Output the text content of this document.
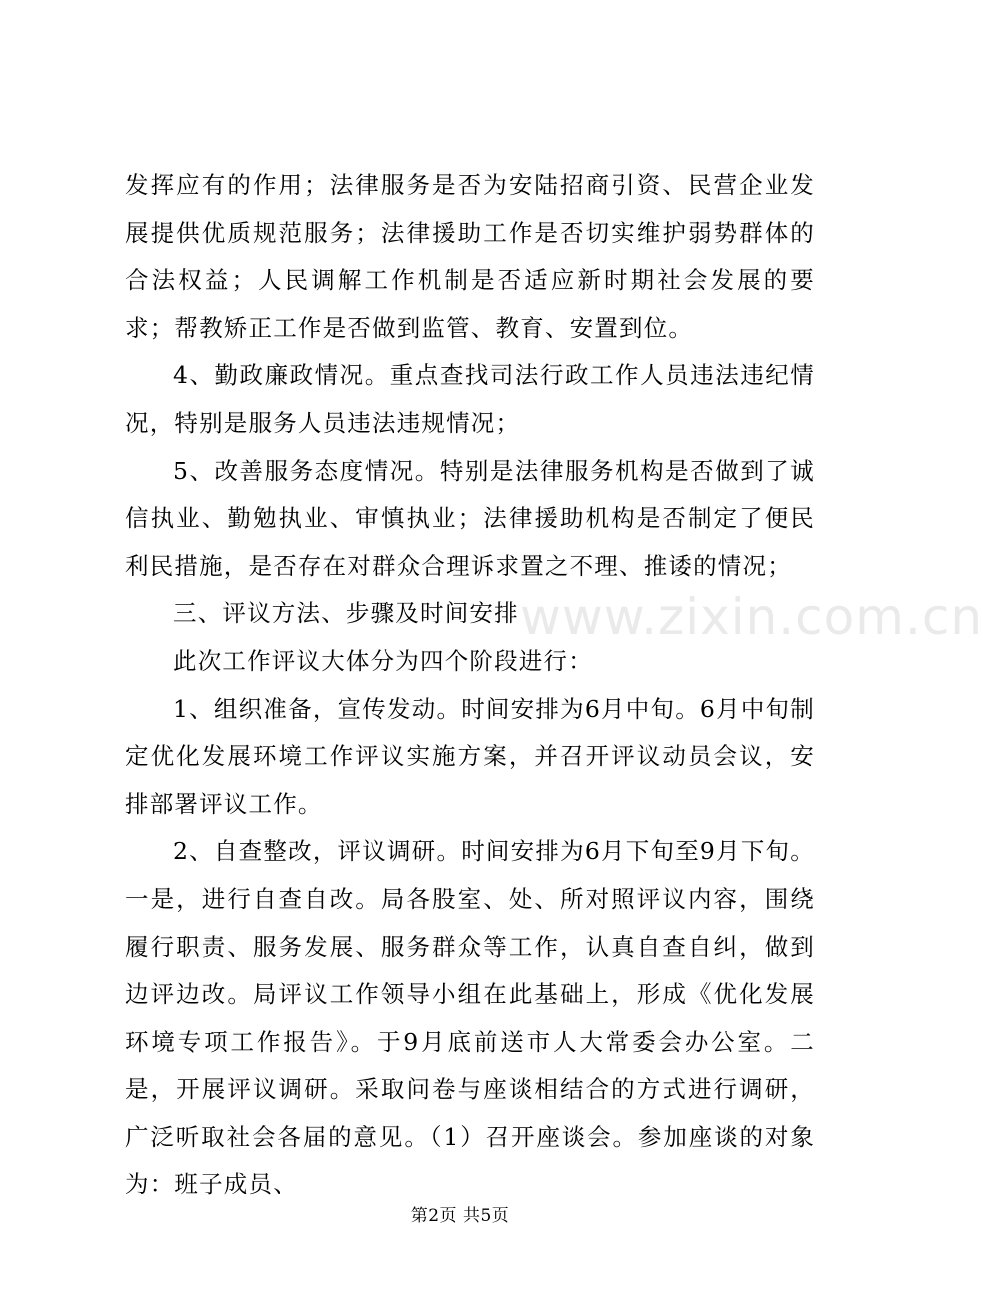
发挥应有的作用；法律服务是否为安陆招商引资、民营企业发展提供优质规范服务；法律援助工作是否切实维护弱势群体的合法权益；人民调解工作机制是否适应新时期社会发展的要求；帮教矫正工作是否做到监管、教育、安置到位。

4、勤政廉政情况。重点查找司法行政工作人员违法违纪情况，特别是服务人员违法违规情况；

5、改善服务态度情况。特别是法律服务机构是否做到了诚信执业、勤勉执业、审慎执业；法律援助机构是否制定了便民利民措施，是否存在对群众合理诉求置之不理、推诿的情况；

三、评议方法、步骤及时间安排

此次工作评议大体分为四个阶段进行：

1、组织准备，宣传发动。时间安排为6月中旬。6月中旬制定优化发展环境工作评议实施方案，并召开评议动员会议，安排部署评议工作。

2、自查整改，评议调研。时间安排为6月下旬至9月下旬。一是，进行自查自改。局各股室、处、所对照评议内容，围绕履行职责、服务发展、服务群众等工作，认真自查自纠，做到边评边改。局评议工作领导小组在此基础上，形成《优化发展环境专项工作报告》。于9月底前送市人大常委会办公室。二是，开展评议调研。采取问卷与座谈相结合的方式进行调研，广泛听取社会各届的意见。（1）召开座谈会。参加座谈的对象为：班子成员、

www.zixin.com.cn
第2页 共5页
